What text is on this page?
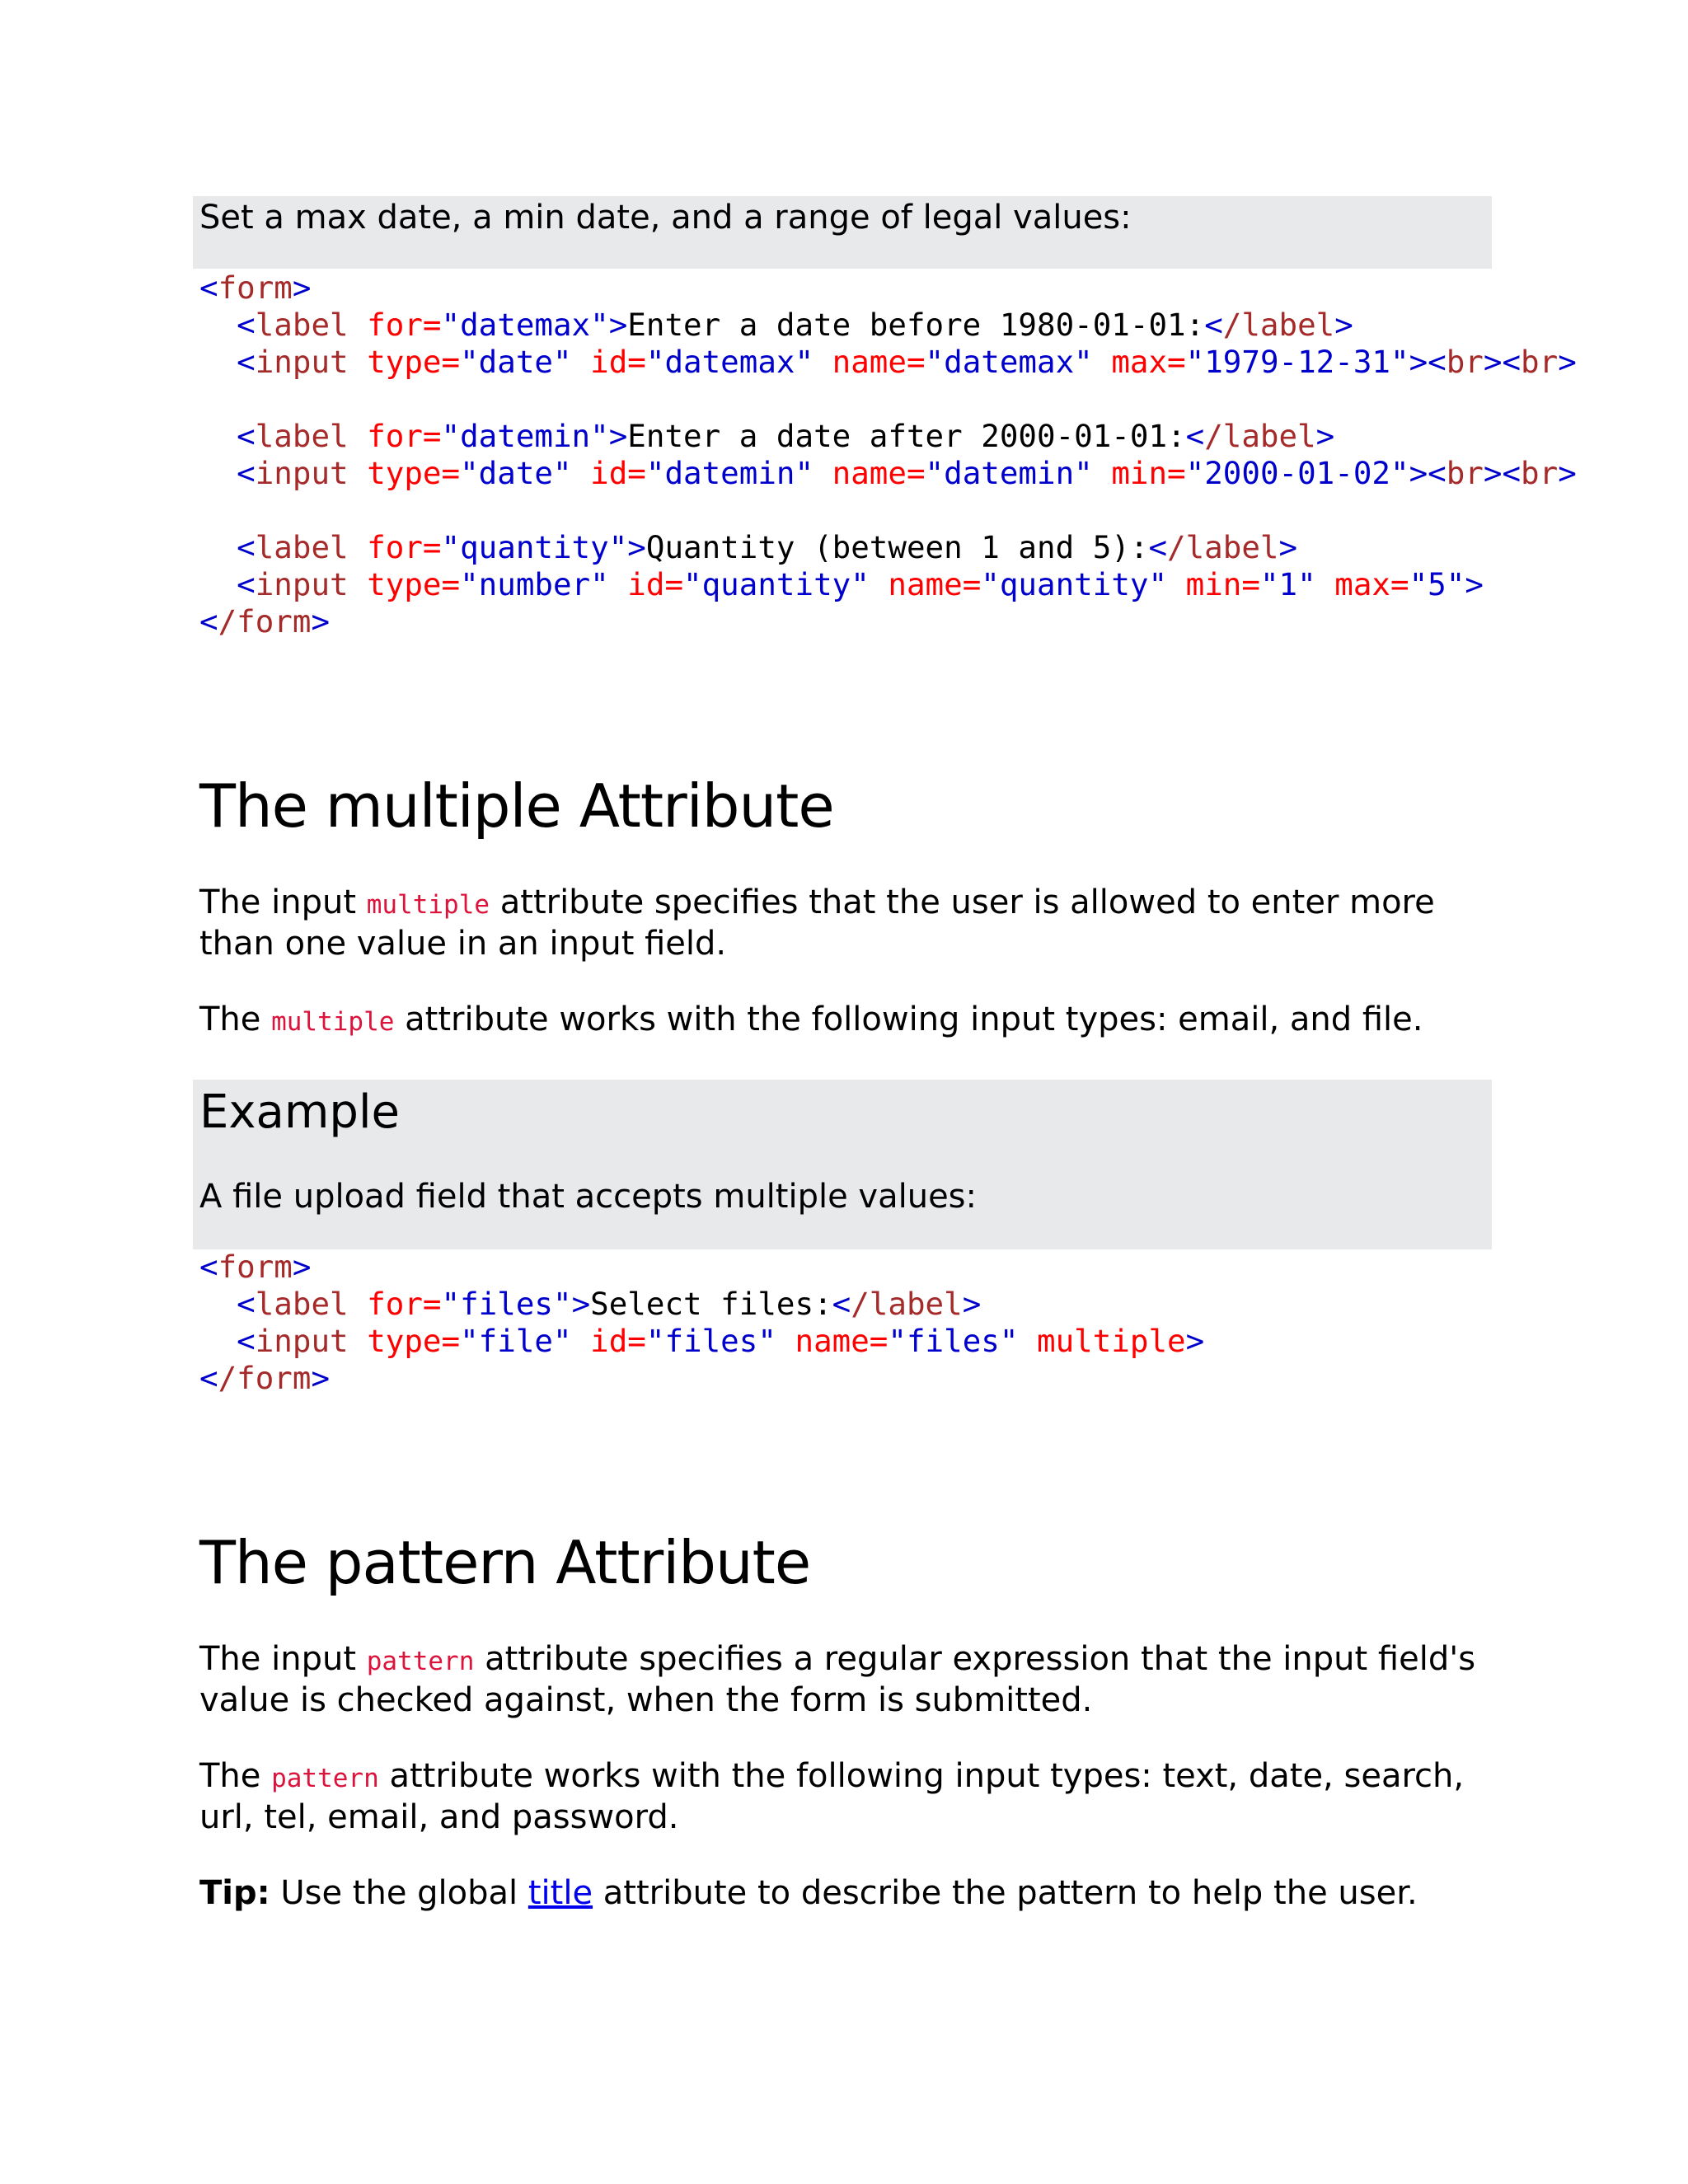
Set a max date, a min date, and a range of legal values:
<form>
<label for="datemax">Enter a date before 1980-01-01:</label>
<input type="date" id="datemax" name="datemax" max="1979-12-31"><br><br>

<label for="datemin">Enter a date after 2000-01-01:</label>
<input type="date" id="datemin" name="datemin" min="2000-01-02"><br><br>

<label for="quantity">Quantity (between 1 and 5):</label>
<input type="number" id="quantity" name="quantity" min="1" max="5">
</form>
The multiple Attribute

The input multiple attribute specifies that the user is allowed to enter more than one value in an input field.

The multiple attribute works with the following input types: email, and file.

Example
A file upload field that accepts multiple values:
<form>
<label for="files">Select files:</label>
<input type="file" id="files" name="files" multiple>
</form>
The pattern Attribute

The input pattern attribute specifies a regular expression that the input field's value is checked against, when the form is submitted.

The pattern attribute works with the following input types: text, date, search, url, tel, email, and password.

Tip: Use the global title attribute to describe the pattern to help the user.
